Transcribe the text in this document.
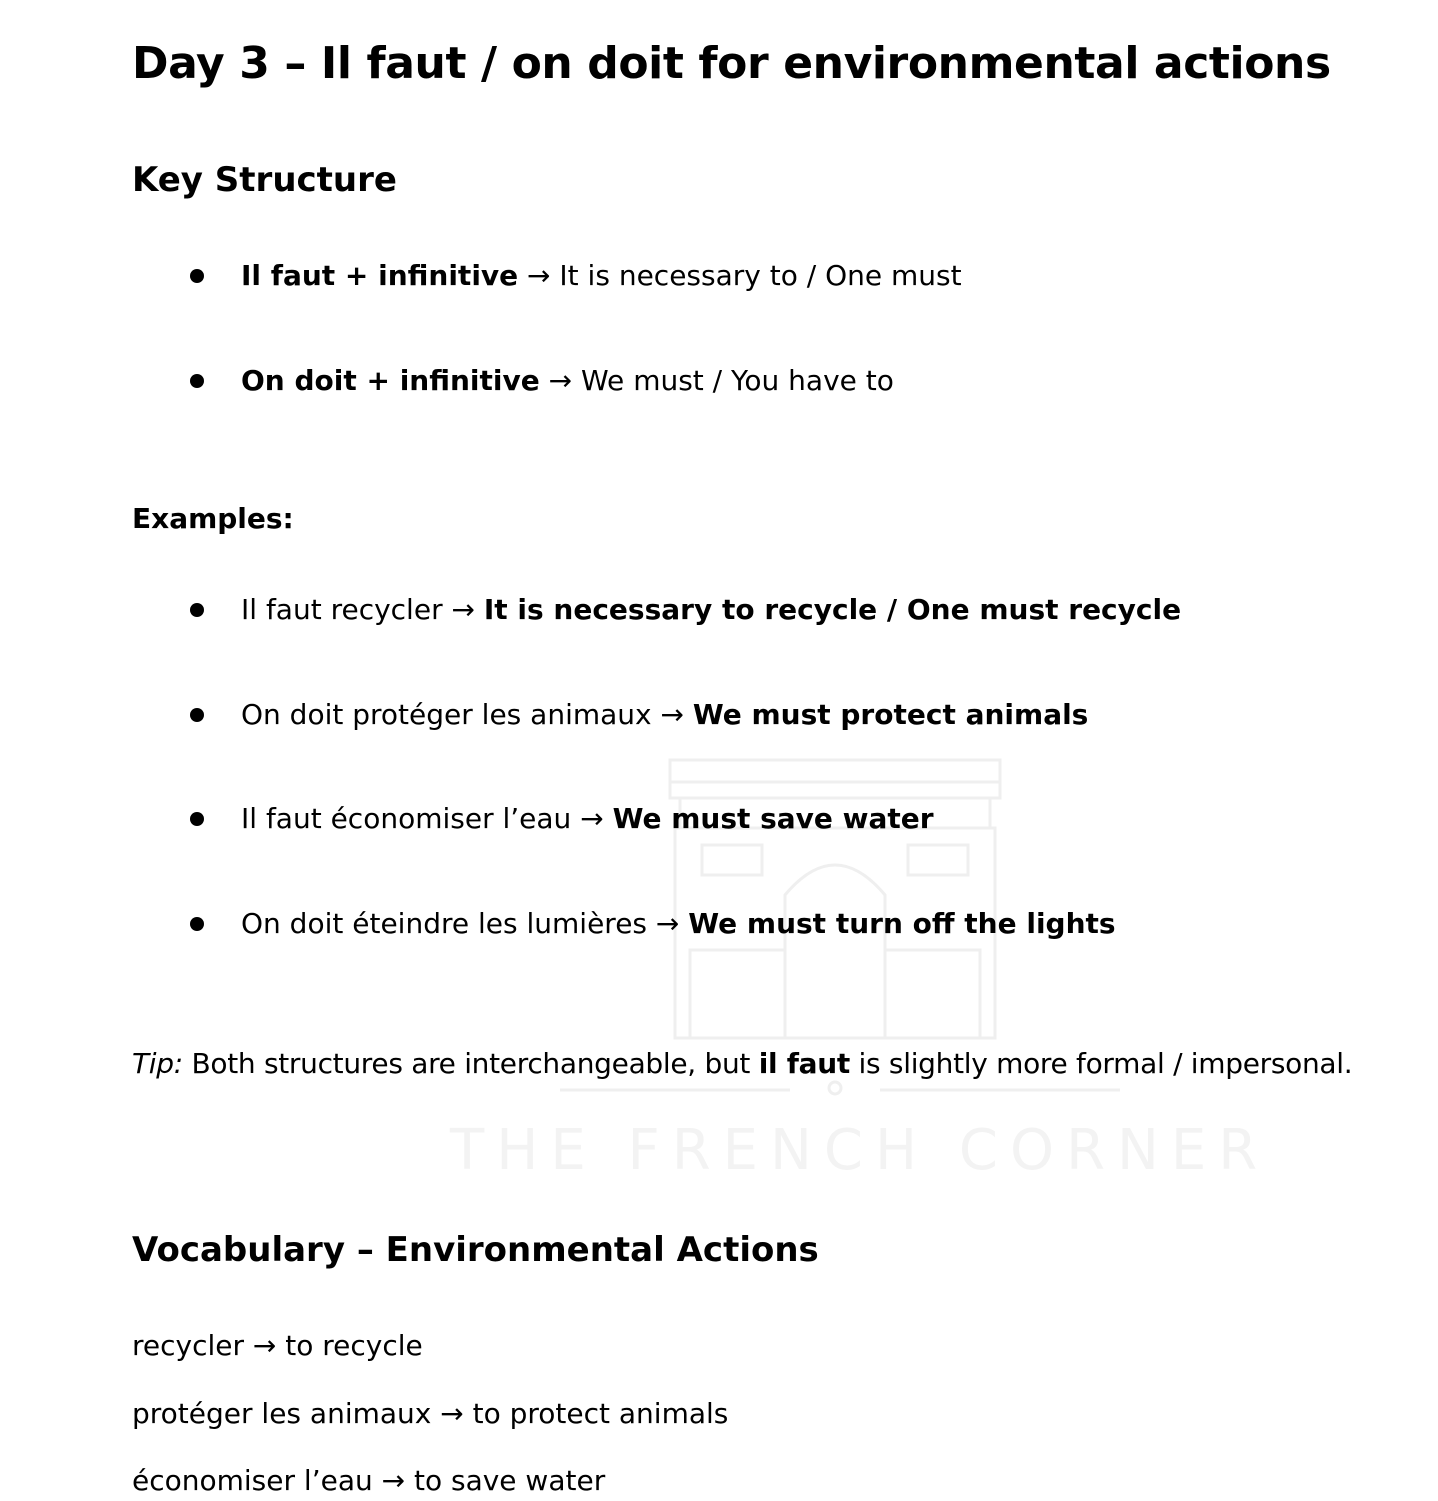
THE FRENCH CORNER
Day 3 – Il faut / on doit for environmental actions
Key Structure
Il faut + infinitive → It is necessary to / One must
On doit + infinitive → We must / You have to
Examples:
Il faut recycler → It is necessary to recycle / One must recycle
On doit protéger les animaux → We must protect animals
Il faut économiser l’eau → We must save water
On doit éteindre les lumières → We must turn off the lights
Tip: Both structures are interchangeable, but il faut is slightly more formal / impersonal.
Vocabulary – Environmental Actions
recycler → to recycle
protéger les animaux → to protect animals
économiser l’eau → to save water
